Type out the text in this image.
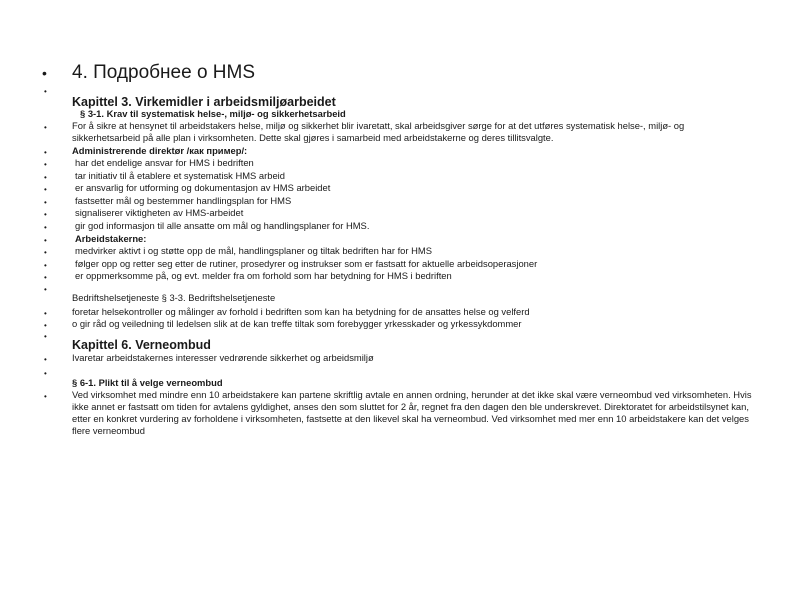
• 4. Подробнее о HMS
•
Kapittel 3. Virkemidler i arbeidsmiljøarbeidet
§ 3-1. Krav til systematisk helse-, miljø- og sikkerhetsarbeid
•	For å sikre at hensynet til arbeidstakers helse, miljø og sikkerhet blir ivaretatt, skal arbeidsgiver sørge for at det utføres systematisk helse-, miljø- og sikkerhetsarbeid på alle plan i virksomheten. Dette skal gjøres i samarbeid med arbeidstakerne og deres tillitsvalgte.
•	Administrerende direktør /как пример/:
•	har det endelige ansvar for HMS i bedriften
•	tar initiativ til å etablere et systematisk HMS arbeid
•	er ansvarlig for utforming og dokumentasjon av HMS arbeidet
•	fastsetter mål og bestemmer handlingsplan for HMS
•	signaliserer viktigheten av HMS-arbeidet
•	gir god informasjon til alle ansatte om mål og handlingsplaner for HMS.
•	Arbeidstakerne:
•	medvirker aktivt i og støtte opp de mål, handlingsplaner og tiltak bedriften har for HMS
•	følger opp og retter seg etter de rutiner, prosedyrer og instrukser som er fastsatt for aktuelle arbeidsoperasjoner
•	er oppmerksomme på, og evt. melder fra om forhold som har betydning for HMS i bedriften
•
Bedriftshelsetjeneste § 3-3. Bedriftshelsetjeneste
•	foretar helsekontroller og målinger av forhold i bedriften som kan ha betydning for de ansattes helse og velferd
•	o gir råd og veiledning til ledelsen slik at de kan treffe tiltak som forebygger yrkesskader og yrkessykdommer
•
Kapittel 6. Verneombud
•	Ivaretar arbeidstakernes interesser vedrørende sikkerhet og arbeidsmiljø
•
§ 6-1. Plikt til å velge verneombud
•	Ved virksomhet med mindre enn 10 arbeidstakere kan partene skriftlig avtale en annen ordning, herunder at det ikke skal være verneombud ved virksomheten. Hvis ikke annet er fastsatt om tiden for avtalens gyldighet, anses den som sluttet for 2 år, regnet fra den dagen den ble underskrevet. Direktoratet for arbeidstilsynet kan, etter en konkret vurdering av forholdene i virksomheten, fastsette at den likevel skal ha verneombud. Ved virksomhet med mer enn 10 arbeidstakere kan det velges flere verneombud
